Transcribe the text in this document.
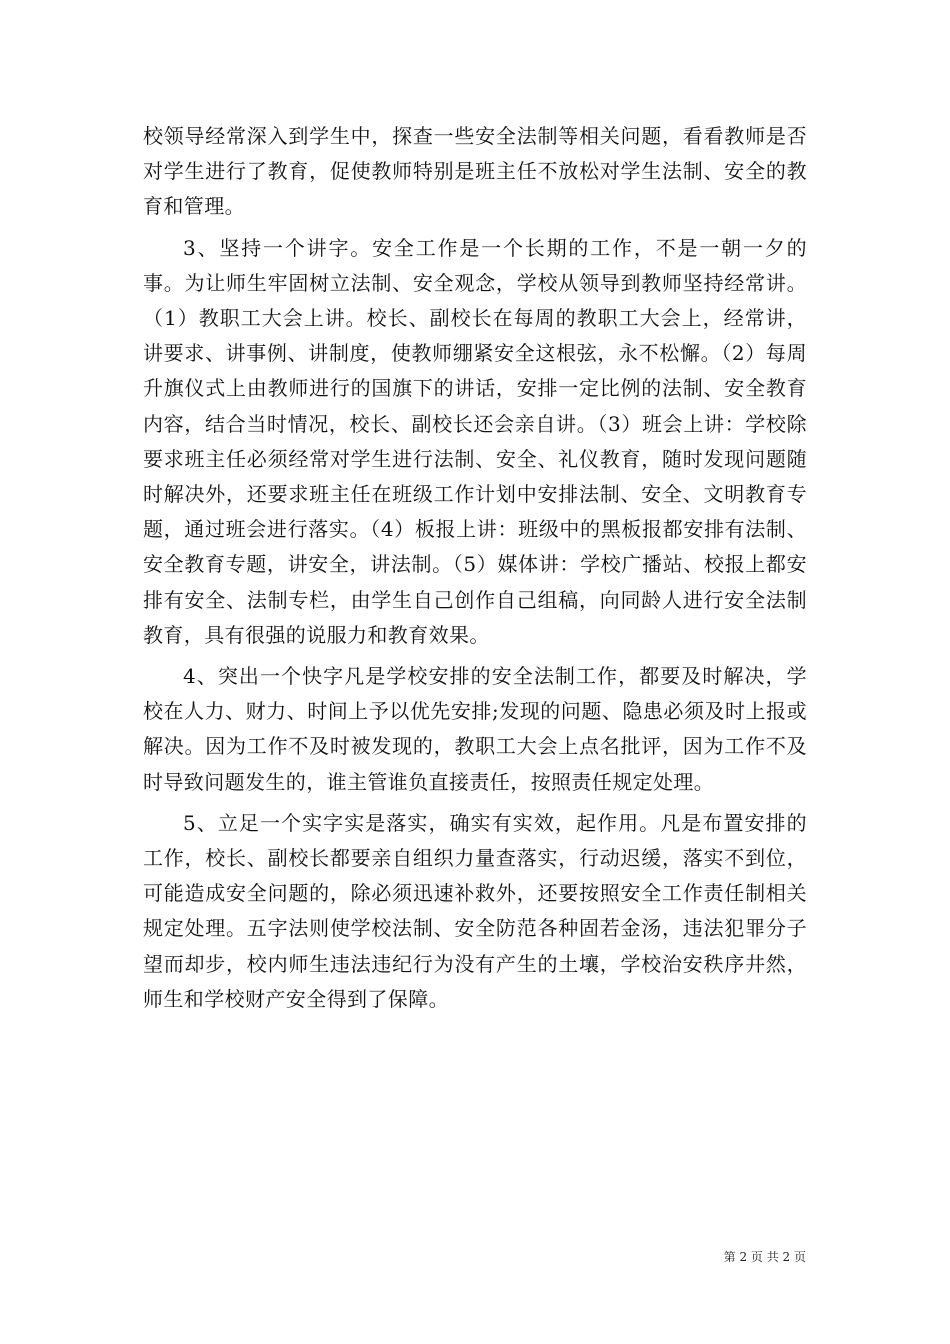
校领导经常深入到学生中，探查一些安全法制等相关问题，看看教师是否对学生进行了教育，促使教师特别是班主任不放松对学生法制、安全的教育和管理。

3、坚持一个讲字。安全工作是一个长期的工作，不是一朝一夕的事。为让师生牢固树立法制、安全观念，学校从领导到教师坚持经常讲。（1）教职工大会上讲。校长、副校长在每周的教职工大会上，经常讲，讲要求、讲事例、讲制度，使教师绷紧安全这根弦，永不松懈。（2）每周升旗仪式上由教师进行的国旗下的讲话，安排一定比例的法制、安全教育内容，结合当时情况，校长、副校长还会亲自讲。（3）班会上讲：学校除要求班主任必须经常对学生进行法制、安全、礼仪教育，随时发现问题随时解决外，还要求班主任在班级工作计划中安排法制、安全、文明教育专题，通过班会进行落实。（4）板报上讲：班级中的黑板报都安排有法制、安全教育专题，讲安全，讲法制。（5）媒体讲：学校广播站、校报上都安排有安全、法制专栏，由学生自己创作自己组稿，向同龄人进行安全法制教育，具有很强的说服力和教育效果。

4、突出一个快字凡是学校安排的安全法制工作，都要及时解决，学校在人力、财力、时间上予以优先安排;发现的问题、隐患必须及时上报或解决。因为工作不及时被发现的，教职工大会上点名批评，因为工作不及时导致问题发生的，谁主管谁负直接责任，按照责任规定处理。

5、立足一个实字实是落实，确实有实效，起作用。凡是布置安排的工作，校长、副校长都要亲自组织力量查落实，行动迟缓，落实不到位，可能造成安全问题的，除必须迅速补救外，还要按照安全工作责任制相关规定处理。五字法则使学校法制、安全防范各种固若金汤，违法犯罪分子望而却步，校内师生违法违纪行为没有产生的土壤，学校治安秩序井然，师生和学校财产安全得到了保障。

第 2 页 共 2 页
